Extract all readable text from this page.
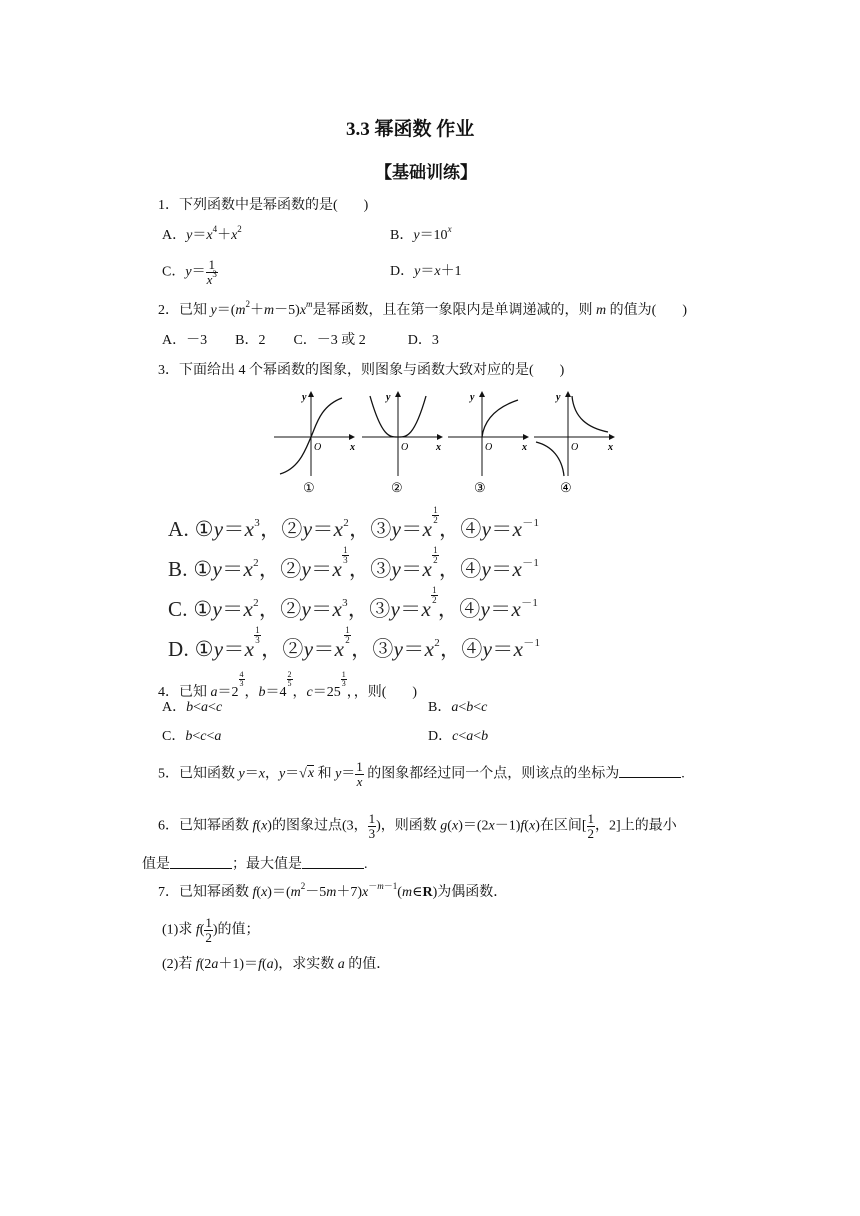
3.3 幂函数 作业
【基础训练】
1．下列函数中是幂函数的是( )
A．$y=x^4+x^2$	B．$y=10^x$
C．$y= \frac{1}{x^3}$	D．y＝x＋1
2．已知 $y=(m^2+m-5)x^m$是幂函数，且在第一象限内是单调递减的，则 m 的值为( )
A．－3　　B．2　　C．－3 或 2　　　D．3
3．下面给出 4 个幂函数的图象，则图象与函数大致对应的是( )
y
x
O
①
y
x
O
②
y
x
O
③
y
x
O
④
A. $①y=x^3$，$②y=x^2$，③y＝x
$\frac{1}{2}$
，$④y=x^{-1}$
B. $①y=x^2$，②y＝x
$\frac{1}{3}$
，③y＝x
$\frac{1}{2}$
，$④y=x^{-1}$
C. $①y=x^2$，$②y=x^3$，③y＝x
$\frac{1}{2}$
，$④y=x^{-1}$
D. ①y＝x
$\frac{1}{3}$
，②y＝x
$\frac{1}{2}$
，$③y=x^2$，$④y=x^{-1}$
4．已知 a＝2
$\frac{4}{3}$
，b＝4
$\frac{2}{5}$
，c＝25
$\frac{1}{3}$
，，则( )
A．b<a<c	B．a<b<c
C．b<c<a	D．c<a<b
5．已知函数 y＝x，y＝√x 和 $y= \frac{1}{x}$ 的图象都经过同一个点，则该点的坐标为	.
6．已知幂函数 f(x)的图象过点(3， $\frac{1}{3}$ )，则函数 g(x)＝(2x－1)f(x)在区间[ $\frac{1}{2}$ ，2]上的最小
值是	；最大值是	.
7．已知幂函数 $f(x)=(m^2-5m+7)x^{-m-1}(m\in R)$为偶函数．
(1)求 $f( \frac{1}{2}$ )的值；
(2)若 f(2a＋1)＝f(a)，求实数 a 的值．
